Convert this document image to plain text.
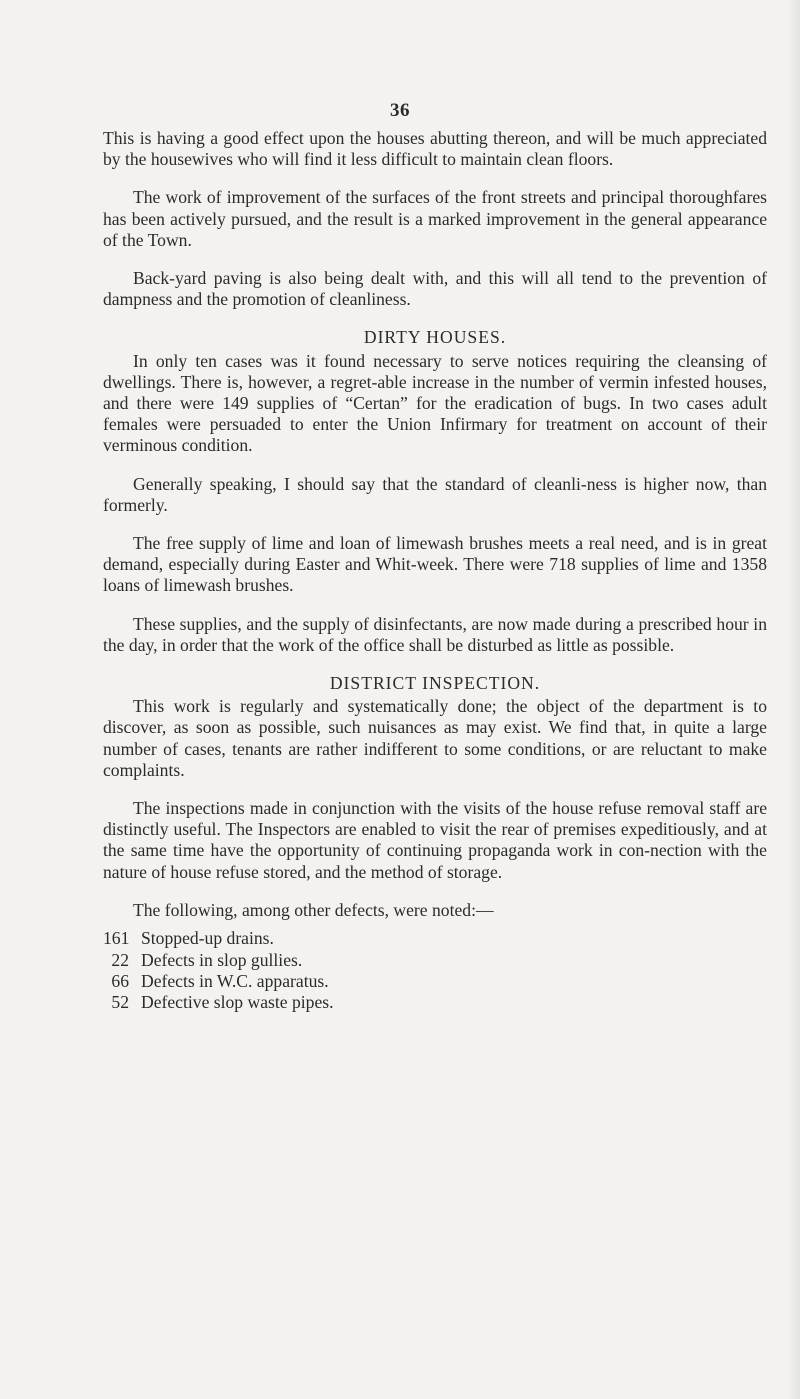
36

This is having a good effect upon the houses abutting thereon, and will be much appreciated by the housewives who will find it less difficult to maintain clean floors.

The work of improvement of the surfaces of the front streets and principal thoroughfares has been actively pursued, and the result is a marked improvement in the general appearance of the Town.

Back-yard paving is also being dealt with, and this will all tend to the prevention of dampness and the promotion of cleanliness.

DIRTY HOUSES.

In only ten cases was it found necessary to serve notices requiring the cleansing of dwellings. There is, however, a regret-able increase in the number of vermin infested houses, and there were 149 supplies of “Certan” for the eradication of bugs. In two cases adult females were persuaded to enter the Union Infirmary for treatment on account of their verminous condition.

Generally speaking, I should say that the standard of cleanli-ness is higher now, than formerly.

The free supply of lime and loan of limewash brushes meets a real need, and is in great demand, especially during Easter and Whit-week. There were 718 supplies of lime and 1358 loans of limewash brushes.

These supplies, and the supply of disinfectants, are now made during a prescribed hour in the day, in order that the work of the office shall be disturbed as little as possible.

DISTRICT INSPECTION.

This work is regularly and systematically done; the object of the department is to discover, as soon as possible, such nuisances as may exist. We find that, in quite a large number of cases, tenants are rather indifferent to some conditions, or are reluctant to make complaints.

The inspections made in conjunction with the visits of the house refuse removal staff are distinctly useful. The Inspectors are enabled to visit the rear of premises expeditiously, and at the same time have the opportunity of continuing propaganda work in con-nection with the nature of house refuse stored, and the method of storage.

The following, among other defects, were noted:—

161 Stopped-up drains.
22 Defects in slop gullies.
66 Defects in W.C. apparatus.
52 Defective slop waste pipes.
